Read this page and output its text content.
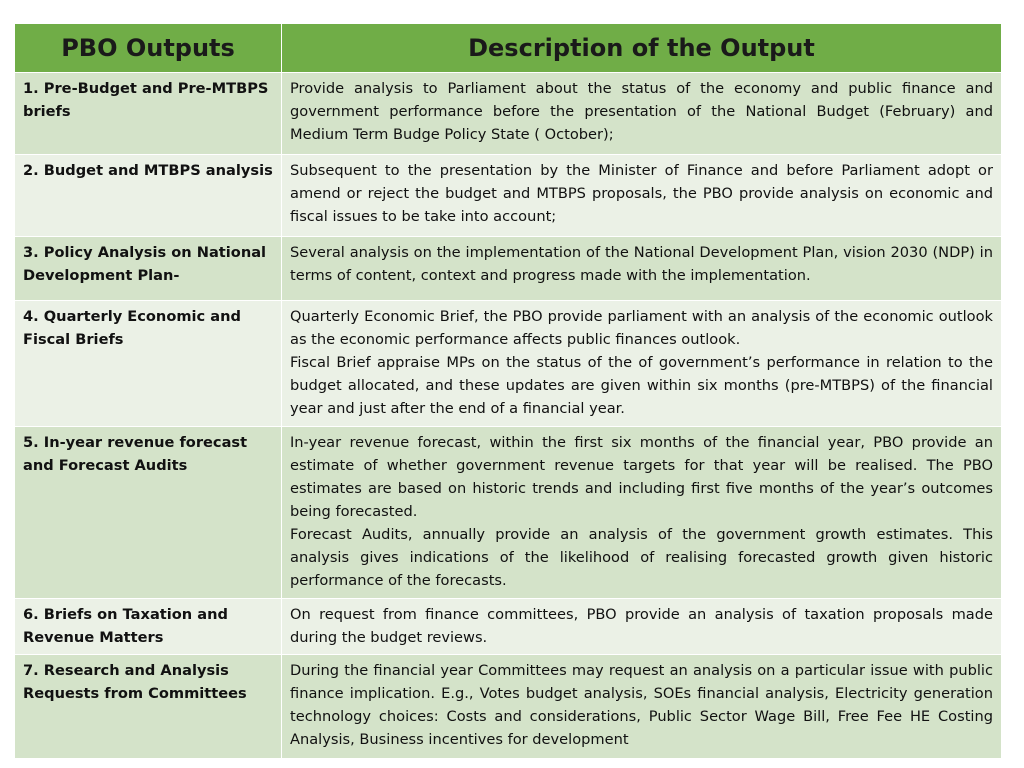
PBO Outputs	Description of the Output
1. Pre-Budget and Pre-MTBPS briefs	Provide analysis to Parliament about the status of the economy and public finance and government performance before the presentation of the National Budget (February) and Medium Term Budge Policy State ( October);

2. Budget and MTBPS analysis	Subsequent to the presentation by the Minister of Finance and before Parliament adopt or amend or reject the budget and MTBPS proposals, the PBO provide analysis on economic and fiscal issues to be take into account;

3. Policy Analysis on National Development Plan-	Several analysis on the implementation of the National Development Plan, vision 2030 (NDP) in terms of content, context and progress made with the implementation.

4. Quarterly Economic and Fiscal Briefs	Quarterly Economic Brief, the PBO provide parliament with an analysis of the economic outlook as the economic performance affects public finances outlook.
Fiscal Brief appraise MPs on the status of the of government’s performance in relation to the budget allocated, and these updates are given within six months (pre-MTBPS) of the financial year and just after the end of a financial year.

5. In-year revenue forecast and Forecast Audits	In-year revenue forecast, within the first six months of the financial year, PBO provide an estimate of whether government revenue targets for that year will be realised. The PBO estimates are based on historic trends and including first five months of the year’s outcomes being forecasted.
Forecast Audits, annually provide an analysis of the government growth estimates. This analysis gives indications of the likelihood of realising forecasted growth given historic performance of the forecasts.

6. Briefs on Taxation and Revenue Matters	On request from finance committees, PBO provide an analysis of taxation proposals made during the budget reviews.

7. Research and Analysis Requests from Committees	During the financial year Committees may request an analysis on a particular issue with public finance implication. E.g., Votes budget analysis, SOEs financial analysis, Electricity generation technology choices: Costs and considerations, Public Sector Wage Bill, Free Fee HE Costing Analysis, Business incentives for development
